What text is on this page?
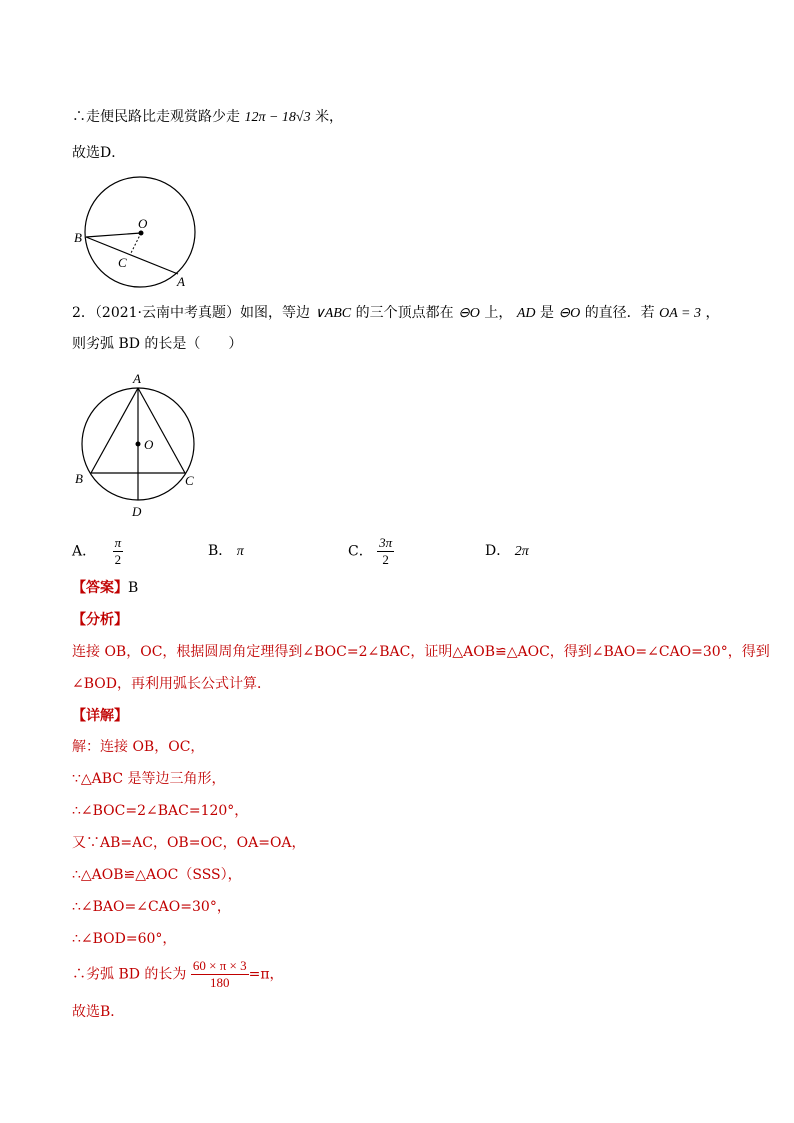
∴走便民路比走观赏路少走 12π − 18√3 米，
故选D．
O
B
C
A
2．（2021·云南中考真题）如图，等边 ∨ABC 的三个顶点都在 ⊖O 上， AD 是 ⊖O 的直径．若 OA = 3 ，
则劣弧 BD 的长是（　　）
A
O
B	C
D
A． $\frac{\pi}{2}$	B． π	C． $\frac{3\pi}{2}$	D． 2π
【答案】B
【分析】
连接 OB，OC，根据圆周角定理得到∠BOC=2∠BAC，证明△AOB≌△AOC，得到∠BAO=∠CAO=30°，得到
∠BOD，再利用弧长公式计算．
【详解】
解：连接 OB，OC，
∵△ABC 是等边三角形，
∴∠BOC=2∠BAC=120°，
又∵AB=AC，OB=OC，OA=OA，
∴△AOB≌△AOC（SSS），
∴∠BAO=∠CAO=30°，
∴∠BOD=60°，
∴劣弧 BD 的长为 $\frac{60 \times \pi \times 3}{180} =\pi$，
故选B．
